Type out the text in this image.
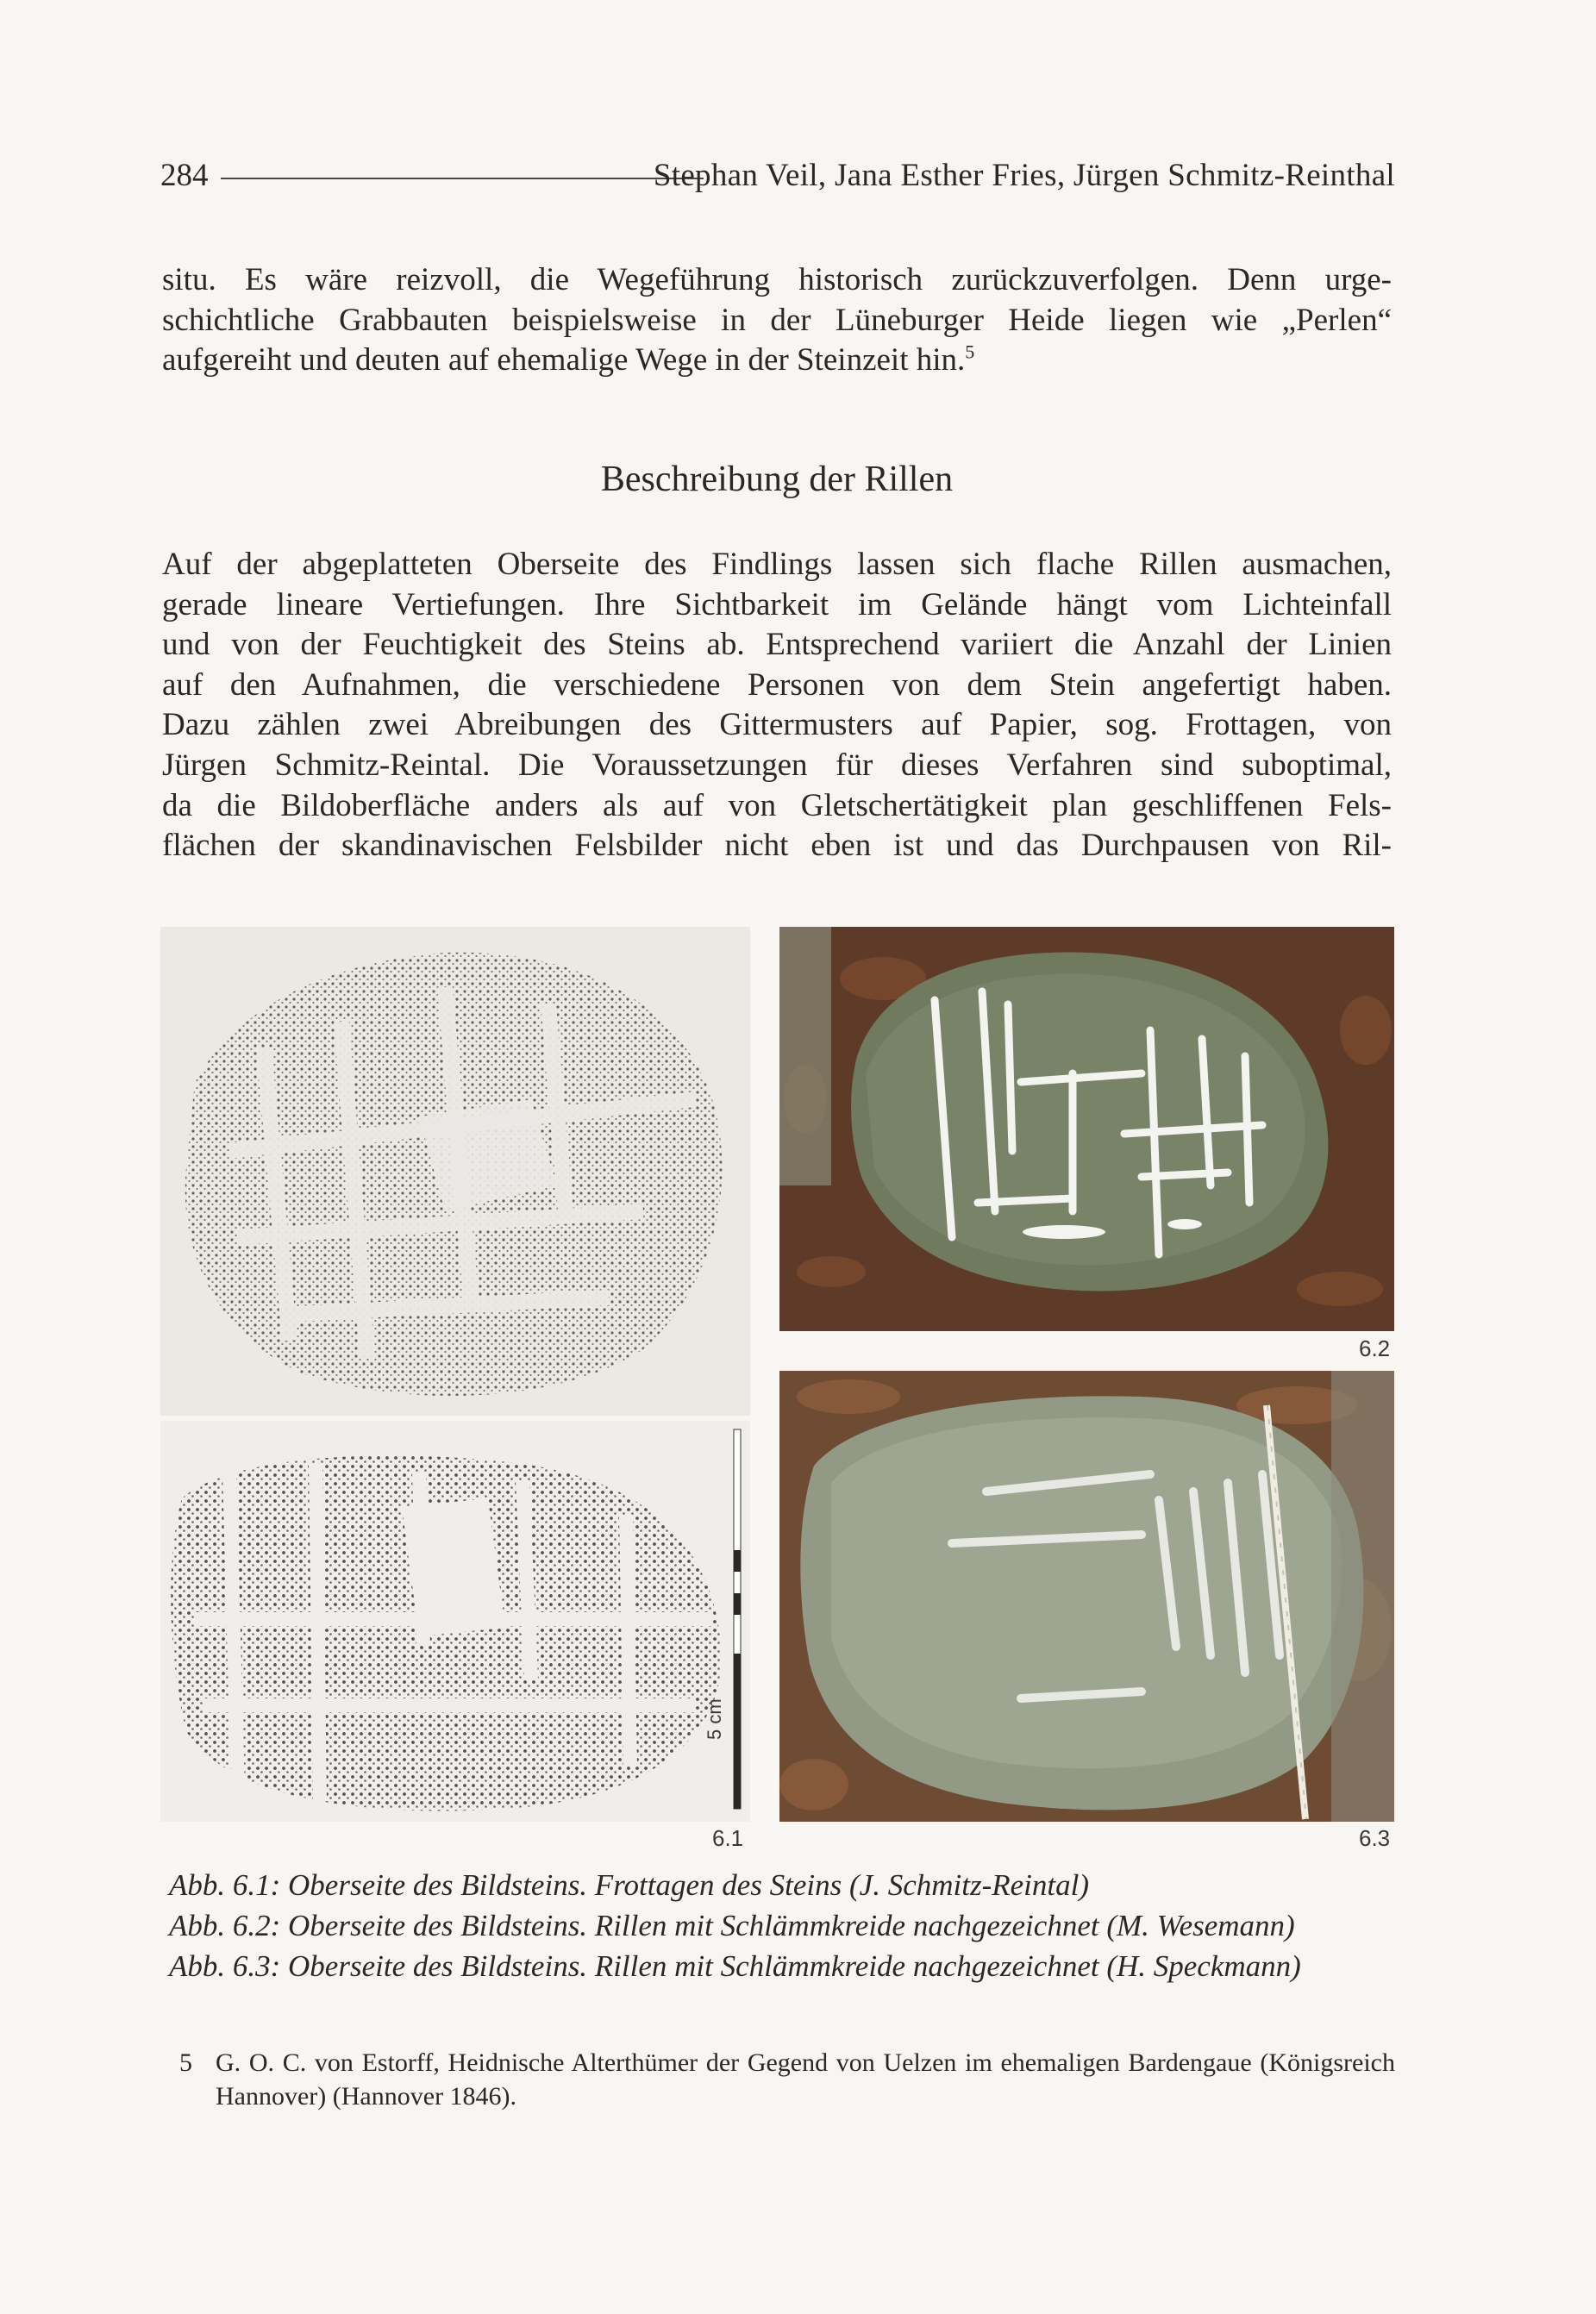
284	Stephan Veil, Jana Esther Fries, Jürgen Schmitz-Reinthal

situ. Es wäre reizvoll, die Wegeführung historisch zurückzuverfolgen. Denn urge-
schichtliche Grabbauten beispielsweise in der Lüneburger Heide liegen wie „Perlen“
aufgereiht und deuten auf ehemalige Wege in der Steinzeit hin.$^5$

Beschreibung der Rillen

Auf der abgeplatteten Oberseite des Findlings lassen sich flache Rillen ausmachen,
gerade lineare Vertiefungen. Ihre Sichtbarkeit im Gelände hängt vom Lichteinfall
und von der Feuchtigkeit des Steins ab. Entsprechend variiert die Anzahl der Linien
auf den Aufnahmen, die verschiedene Personen von dem Stein angefertigt haben.
Dazu zählen zwei Abreibungen des Gittermusters auf Papier, sog. Frottagen, von
Jürgen Schmitz-Reintal. Die Voraussetzungen für dieses Verfahren sind suboptimal,
da die Bildoberfläche anders als auf von Gletschertätigkeit plan geschliffenen Fels-
flächen der skandinavischen Felsbilder nicht eben ist und das Durchpausen von Ril-

5 cm
6.1
6.2
6.3
Abb. 6.1: Oberseite des Bildsteins. Frottagen des Steins (J. Schmitz-Reintal)
Abb. 6.2: Oberseite des Bildsteins. Rillen mit Schlämmkreide nachgezeichnet (M. Wesemann)
Abb. 6.3: Oberseite des Bildsteins. Rillen mit Schlämmkreide nachgezeichnet (H. Speckmann)
5 G. O. C. von Estorff, Heidnische Alterthümer der Gegend von Uelzen im ehemaligen Bardengaue (Königsreich Hannover) (Hannover 1846).
